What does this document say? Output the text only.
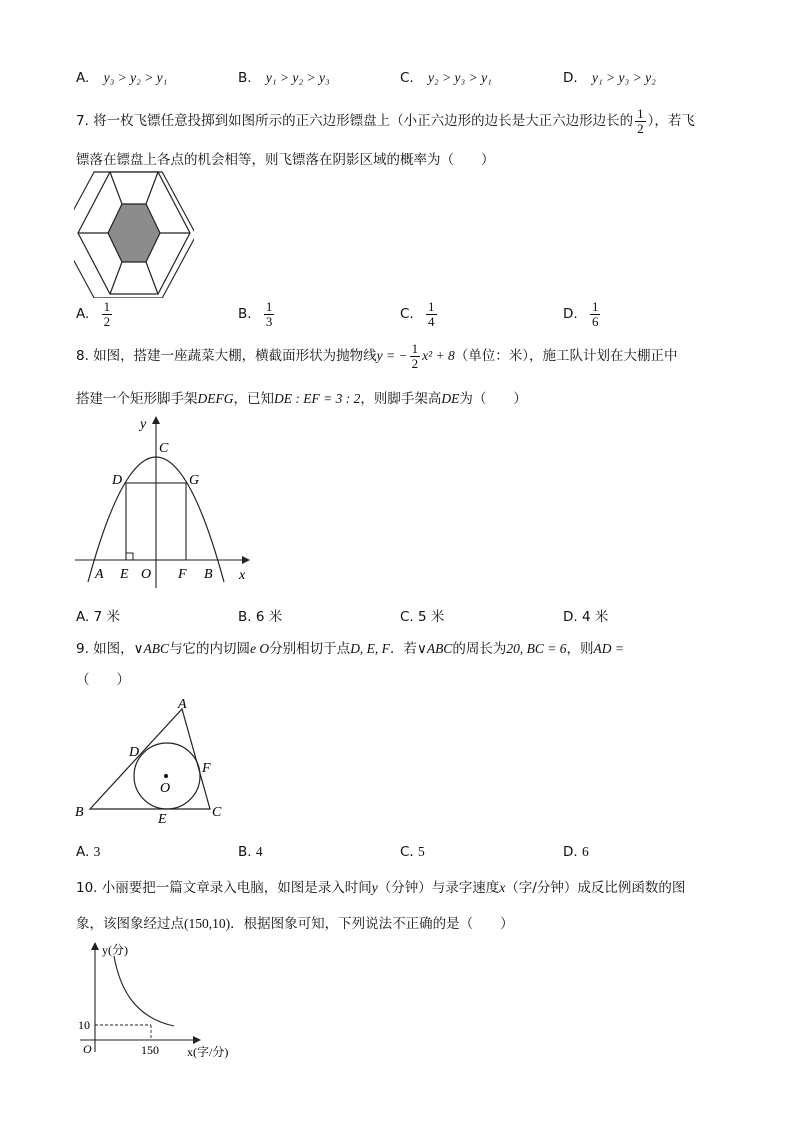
A. y₃ > y₂ > y₁	B. y₁ > y₂ > y₃	C. y₂ > y₃ > y₁	D. y₁ > y₃ > y₂
7. 将一枚飞镖任意投掷到如图所示的正六边形镖盘上（小正六边形的边长是大正六边形边长的 $\frac{1}{2}$ ），若飞
镖落在镖盘上各点的机会相等，则飞镖落在阴影区域的概率为（　　）
A. $\frac{1}{2}$	B. $\frac{1}{3}$	C. $\frac{1}{4}$	D. $\frac{1}{6}$
8. 如图，搭建一座蔬菜大棚，横截面形状为抛物线y = − $\frac{1}{2} x^2 + 8$（单位：米），施工队计划在大棚正中
搭建一个矩形脚手架DEFG，已知DE : EF = 3 : 2，则脚手架高DE为（　　）
y
C
D	G
A E O F B x
A. 7 米	B. 6 米	C. 5 米	D. 4 米
9. 如图，∨ABC与它的内切圆e O分别相切于点D, E, F．若∨ABC的周长为20, BC = 6，则AD =
（　　）
A
D
F
O
B	C
E
A. 3	B. 4	C. 5	D. 6
10. 小丽要把一篇文章录入电脑，如图是录入时间y（分钟）与录字速度x（字/分钟）成反比例函数的图
象，该图象经过点(150,10)．根据图象可知，下列说法不正确的是（　　）
y(分)
10
O	150 x(字/分)
